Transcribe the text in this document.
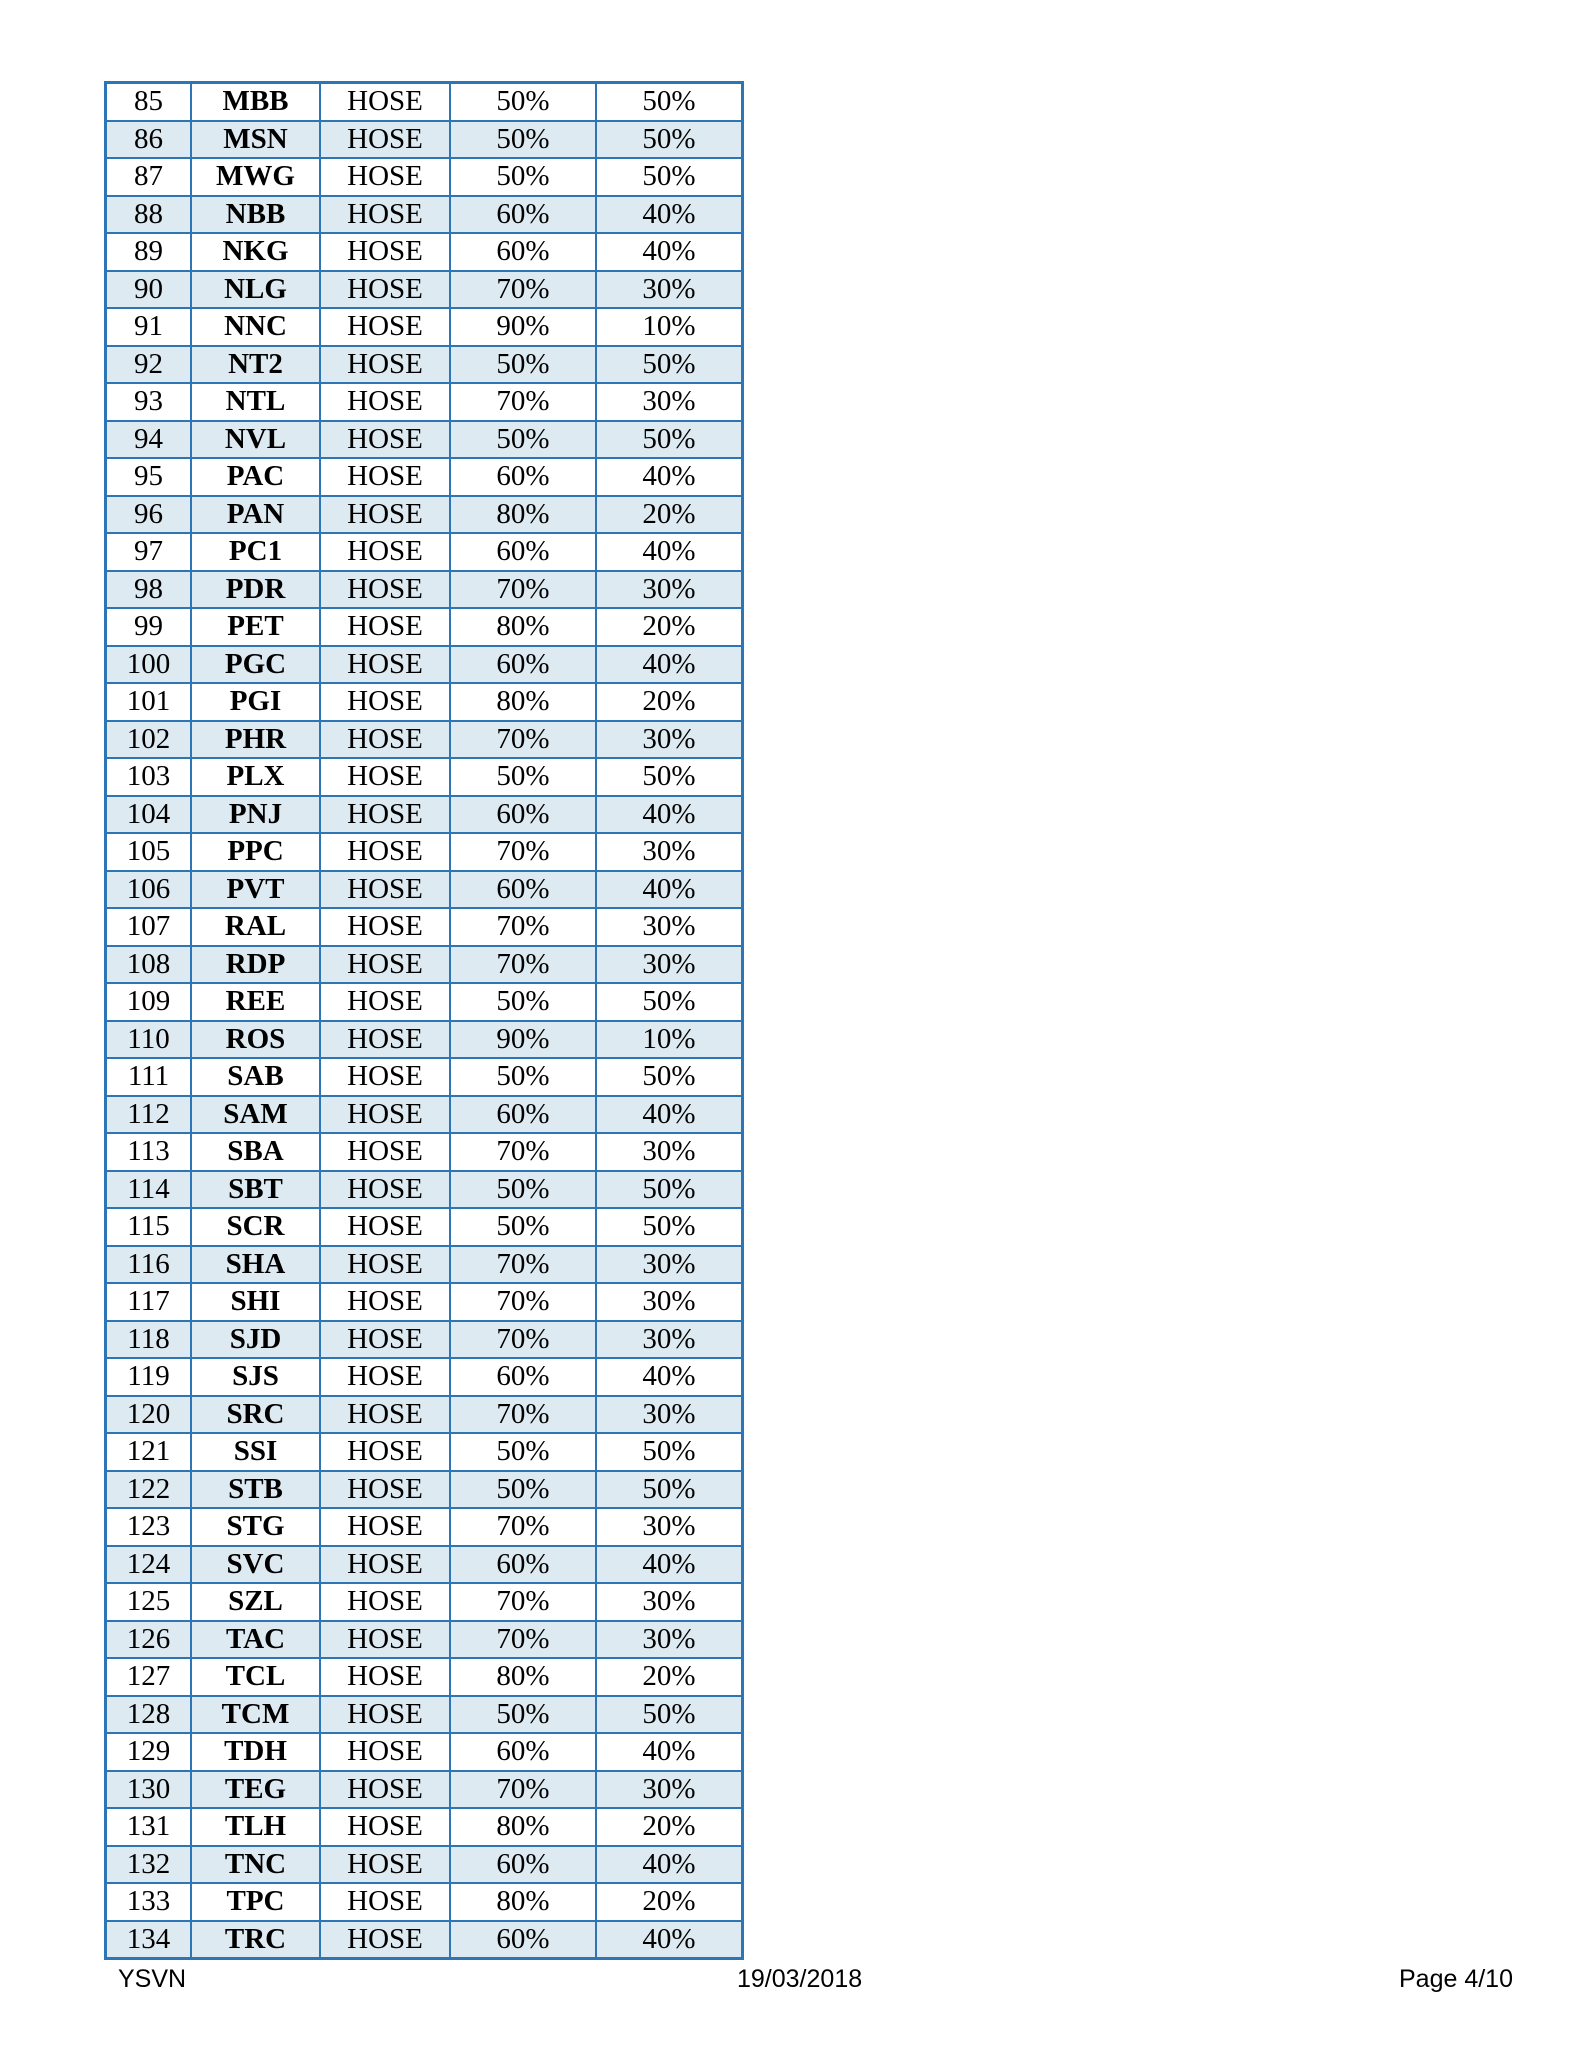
85	MBB	HOSE	50%	50%
86	MSN	HOSE	50%	50%
87	MWG	HOSE	50%	50%
88	NBB	HOSE	60%	40%
89	NKG	HOSE	60%	40%
90	NLG	HOSE	70%	30%
91	NNC	HOSE	90%	10%
92	NT2	HOSE	50%	50%
93	NTL	HOSE	70%	30%
94	NVL	HOSE	50%	50%
95	PAC	HOSE	60%	40%
96	PAN	HOSE	80%	20%
97	PC1	HOSE	60%	40%
98	PDR	HOSE	70%	30%
99	PET	HOSE	80%	20%
100	PGC	HOSE	60%	40%
101	PGI	HOSE	80%	20%
102	PHR	HOSE	70%	30%
103	PLX	HOSE	50%	50%
104	PNJ	HOSE	60%	40%
105	PPC	HOSE	70%	30%
106	PVT	HOSE	60%	40%
107	RAL	HOSE	70%	30%
108	RDP	HOSE	70%	30%
109	REE	HOSE	50%	50%
110	ROS	HOSE	90%	10%
111	SAB	HOSE	50%	50%
112	SAM	HOSE	60%	40%
113	SBA	HOSE	70%	30%
114	SBT	HOSE	50%	50%
115	SCR	HOSE	50%	50%
116	SHA	HOSE	70%	30%
117	SHI	HOSE	70%	30%
118	SJD	HOSE	70%	30%
119	SJS	HOSE	60%	40%
120	SRC	HOSE	70%	30%
121	SSI	HOSE	50%	50%
122	STB	HOSE	50%	50%
123	STG	HOSE	70%	30%
124	SVC	HOSE	60%	40%
125	SZL	HOSE	70%	30%
126	TAC	HOSE	70%	30%
127	TCL	HOSE	80%	20%
128	TCM	HOSE	50%	50%
129	TDH	HOSE	60%	40%
130	TEG	HOSE	70%	30%
131	TLH	HOSE	80%	20%
132	TNC	HOSE	60%	40%
133	TPC	HOSE	80%	20%
134	TRC	HOSE	60%	40%
YSVN	19/03/2018	Page 4/10
